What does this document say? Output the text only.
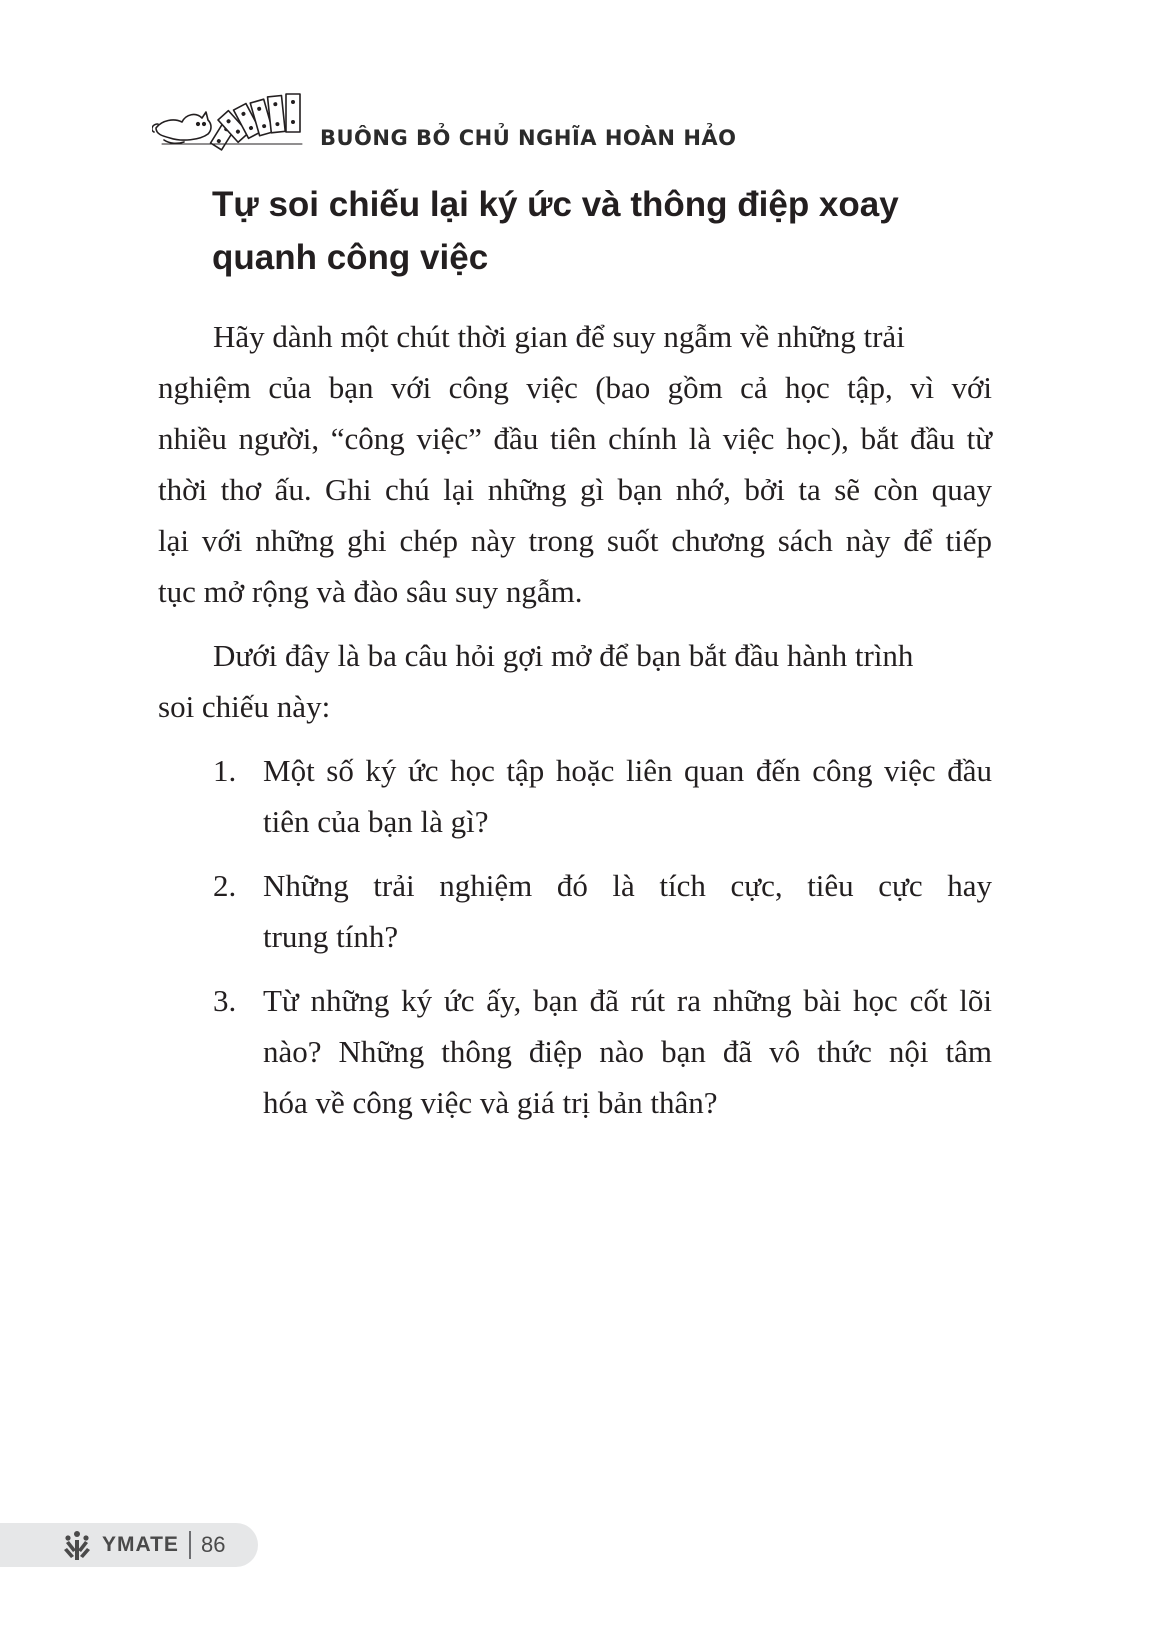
BUÔNG BỎ CHỦ NGHĨA HOÀN HẢO
Tự soi chiếu lại ký ức và thông điệp xoay quanh công việc

Hãy dành một chút thời gian để suy ngẫm về những trải
nghiệm của bạn với công việc (bao gồm cả học tập, vì với
nhiều người, “công việc” đầu tiên chính là việc học), bắt đầu từ
thời thơ ấu. Ghi chú lại những gì bạn nhớ, bởi ta sẽ còn quay
lại với những ghi chép này trong suốt chương sách này để tiếp
tục mở rộng và đào sâu suy ngẫm.

Dưới đây là ba câu hỏi gợi mở để bạn bắt đầu hành trình
soi chiếu này:

1. Một số ký ức học tập hoặc liên quan đến công việc đầu
tiên của bạn là gì?
2. Những trải nghiệm đó là tích cực, tiêu cực hay
trung tính?
3. Từ những ký ức ấy, bạn đã rút ra những bài học cốt lõi
nào? Những thông điệp nào bạn đã vô thức nội tâm
hóa về công việc và giá trị bản thân?
YMATE 86
